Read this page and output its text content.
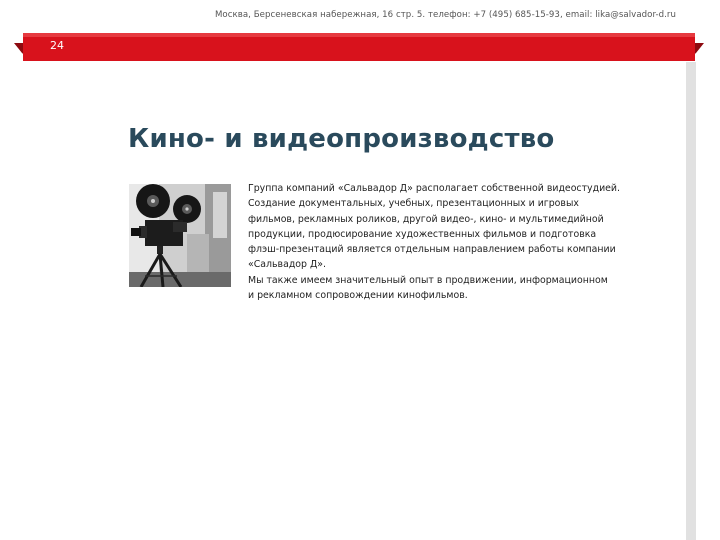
Москва, Берсеневская набережная, 16 стр. 5. телефон: +7 (495) 685-15-93, email: lika@salvador-d.ru
24
Кино- и видеопроизводство

Группа компаний «Сальвадор Д» располагает собственной видеостудией.

Создание документальных, учебных, презентационных и игровых

фильмов, рекламных роликов, другой видео-, кино- и мультимедийной

продукции, продюсирование художественных фильмов и подготовка

флэш-презентаций является отдельным направлением работы компании

«Сальвадор Д».

Мы также имеем значительный опыт в продвижении, информационном

и рекламном сопровождении кинофильмов.
